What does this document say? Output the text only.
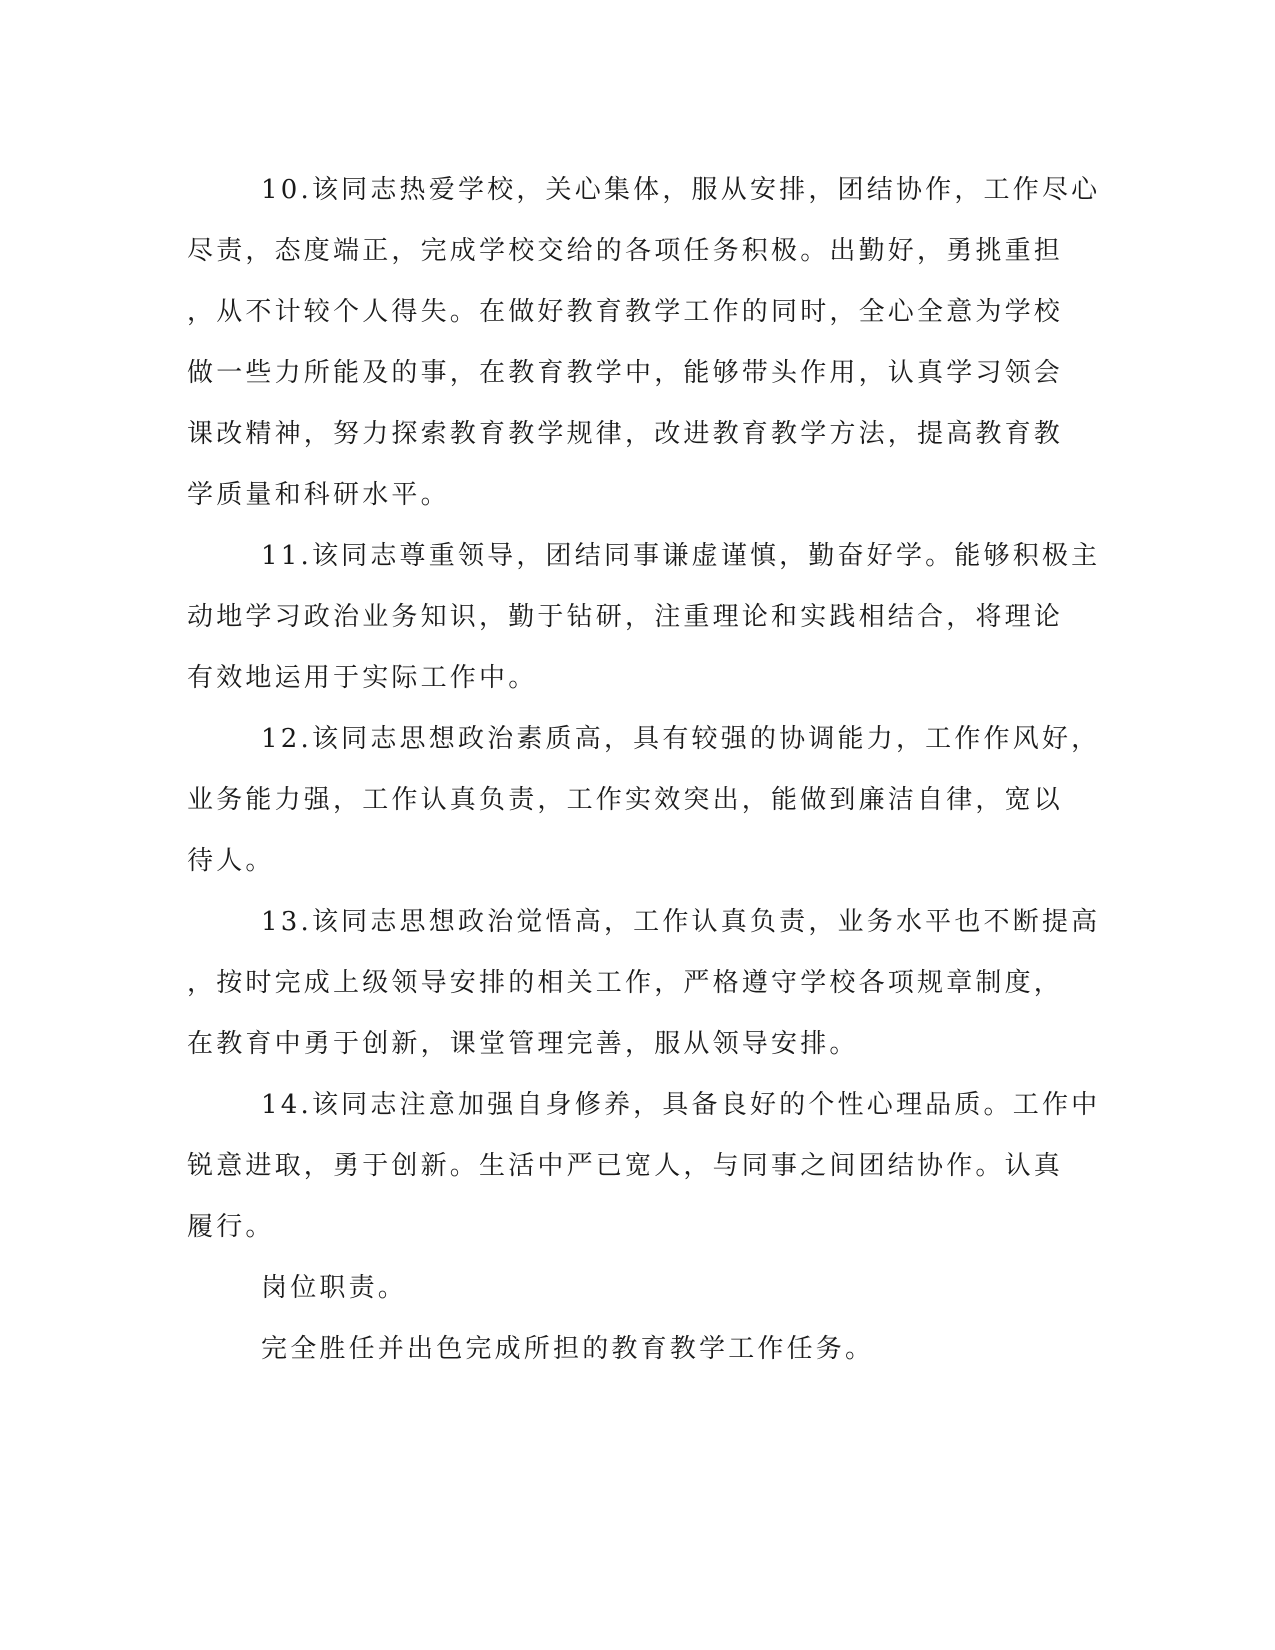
10.该同志热爱学校，关心集体，服从安排，团结协作，工作尽心
尽责，态度端正，完成学校交给的各项任务积极。出勤好，勇挑重担
，从不计较个人得失。在做好教育教学工作的同时，全心全意为学校
做一些力所能及的事，在教育教学中，能够带头作用，认真学习领会
课改精神，努力探索教育教学规律，改进教育教学方法，提高教育教
学质量和科研水平。
11.该同志尊重领导，团结同事谦虚谨慎，勤奋好学。能够积极主
动地学习政治业务知识，勤于钻研，注重理论和实践相结合，将理论
有效地运用于实际工作中。
12.该同志思想政治素质高，具有较强的协调能力，工作作风好，
业务能力强，工作认真负责，工作实效突出，能做到廉洁自律，宽以
待人。
13.该同志思想政治觉悟高，工作认真负责，业务水平也不断提高
，按时完成上级领导安排的相关工作，严格遵守学校各项规章制度，
在教育中勇于创新，课堂管理完善，服从领导安排。
14.该同志注意加强自身修养，具备良好的个性心理品质。工作中
锐意进取，勇于创新。生活中严已宽人，与同事之间团结协作。认真
履行。
岗位职责。
完全胜任并出色完成所担的教育教学工作任务。
